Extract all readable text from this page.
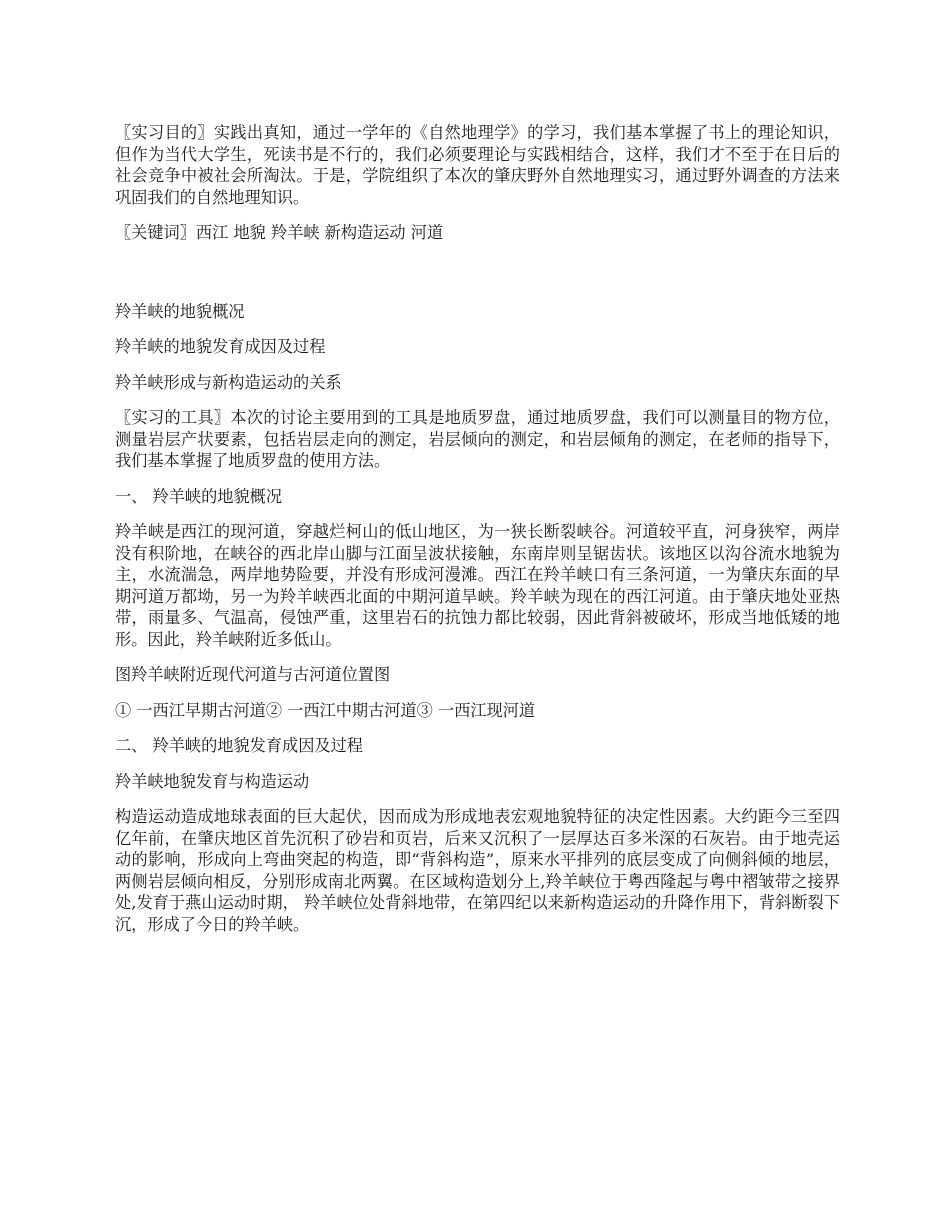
〖实习目的〗实践出真知，通过一学年的《自然地理学》的学习，我们基本掌握了书上的理论知识，但作为当代大学生，死读书是不行的，我们必须要理论与实践相结合，这样，我们才不至于在日后的社会竞争中被社会所淘汰。于是，学院组织了本次的肇庆野外自然地理实习，通过野外调查的方法来巩固我们的自然地理知识。

〖关键词〗西江 地貌 羚羊峡 新构造运动 河道

羚羊峡的地貌概况

羚羊峡的地貌发育成因及过程

羚羊峡形成与新构造运动的关系

〖实习的工具〗本次的讨论主要用到的工具是地质罗盘，通过地质罗盘，我们可以测量目的物方位，测量岩层产状要素，包括岩层走向的测定，岩层倾向的测定，和岩层倾角的测定，在老师的指导下，我们基本掌握了地质罗盘的使用方法。

一、 羚羊峡的地貌概况

羚羊峡是西江的现河道，穿越烂柯山的低山地区，为一狭长断裂峡谷。河道较平直，河身狭窄，两岸没有积阶地，在峡谷的西北岸山脚与江面呈波状接触，东南岸则呈锯齿状。该地区以沟谷流水地貌为主，水流湍急，两岸地势险要，并没有形成河漫滩。西江在羚羊峡口有三条河道，一为肇庆东面的早期河道万都坳，另一为羚羊峡西北面的中期河道旱峡。羚羊峡为现在的西江河道。由于肇庆地处亚热带，雨量多、气温高，侵蚀严重，这里岩石的抗蚀力都比较弱，因此背斜被破坏，形成当地低矮的地形。因此，羚羊峡附近多低山。

图羚羊峡附近现代河道与古河道位置图

① 一西江早期古河道② 一西江中期古河道③ 一西江现河道

二、 羚羊峡的地貌发育成因及过程

羚羊峡地貌发育与构造运动

构造运动造成地球表面的巨大起伏，因而成为形成地表宏观地貌特征的决定性因素。大约距今三至四亿年前，在肇庆地区首先沉积了砂岩和页岩，后来又沉积了一层厚达百多米深的石灰岩。由于地壳运动的影响，形成向上弯曲突起的构造，即“背斜构造”，原来水平排列的底层变成了向侧斜倾的地层，两侧岩层倾向相反，分别形成南北两翼。在区域构造划分上,羚羊峡位于粤西隆起与粤中褶皱带之接界处,发育于燕山运动时期， 羚羊峡位处背斜地带，在第四纪以来新构造运动的升降作用下，背斜断裂下沉，形成了今日的羚羊峡。
